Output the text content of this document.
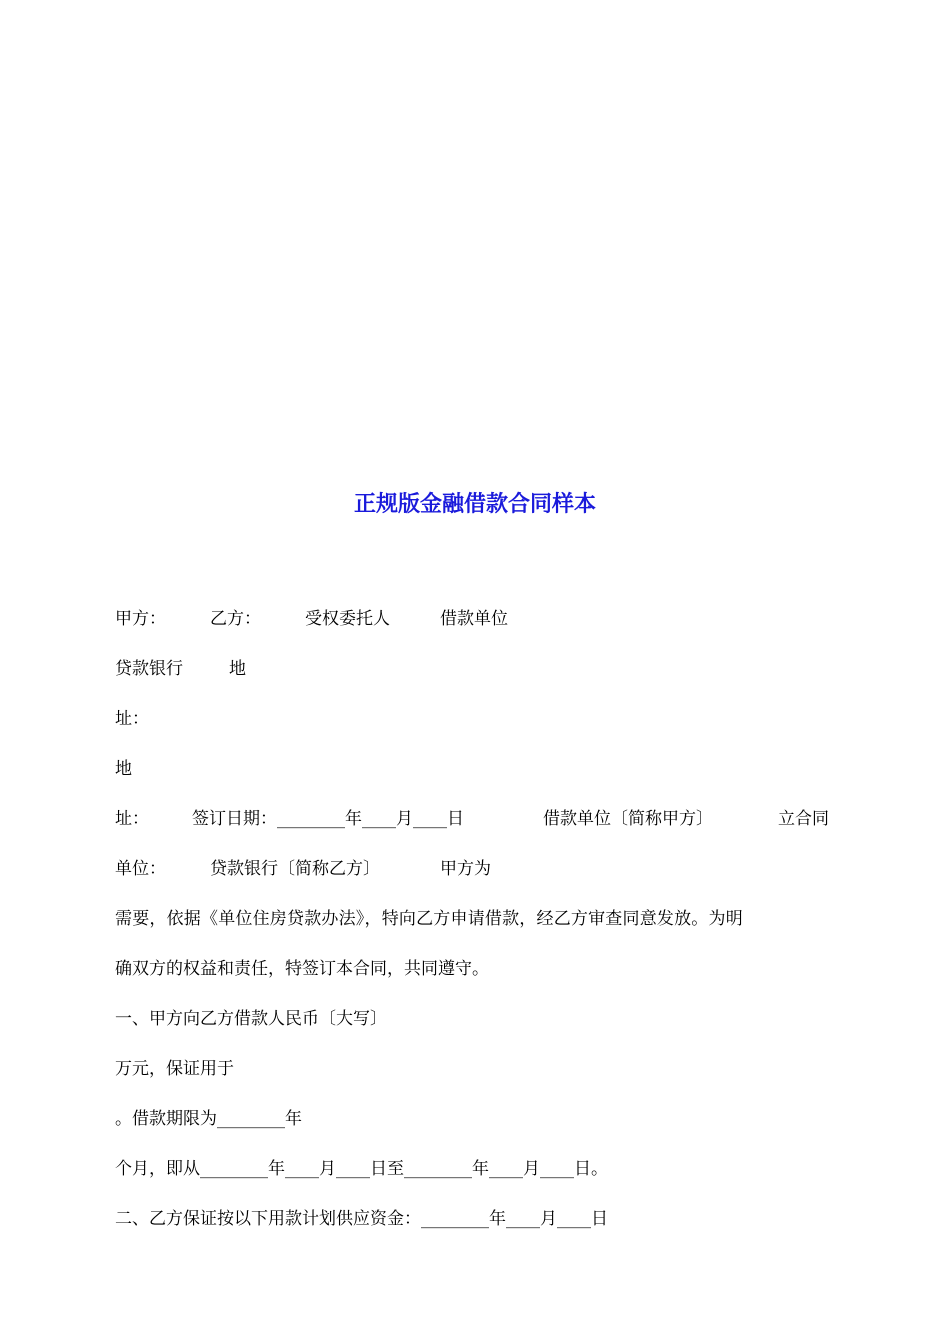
正规版金融借款合同样本

甲方：

	乙方：

	受权委托人

	借款单位

贷款银行

	地

址：
地

址：

	签订日期：________年____月____日

	借款单位〔简称甲方〕

	立合同

单位：

	贷款银行〔简称乙方〕

	甲方为

需要，依据《单位住房贷款办法》，特向乙方申请借款，经乙方审查同意发放。为明
确双方的权益和责任，特签订本合同，共同遵守。
一、甲方向乙方借款人民币〔大写〕
万元，保证用于
。借款期限为________年
个月，即从________年____月____日至________年____月____日。
二、乙方保证按以下用款计划供应资金：________年____月____日
